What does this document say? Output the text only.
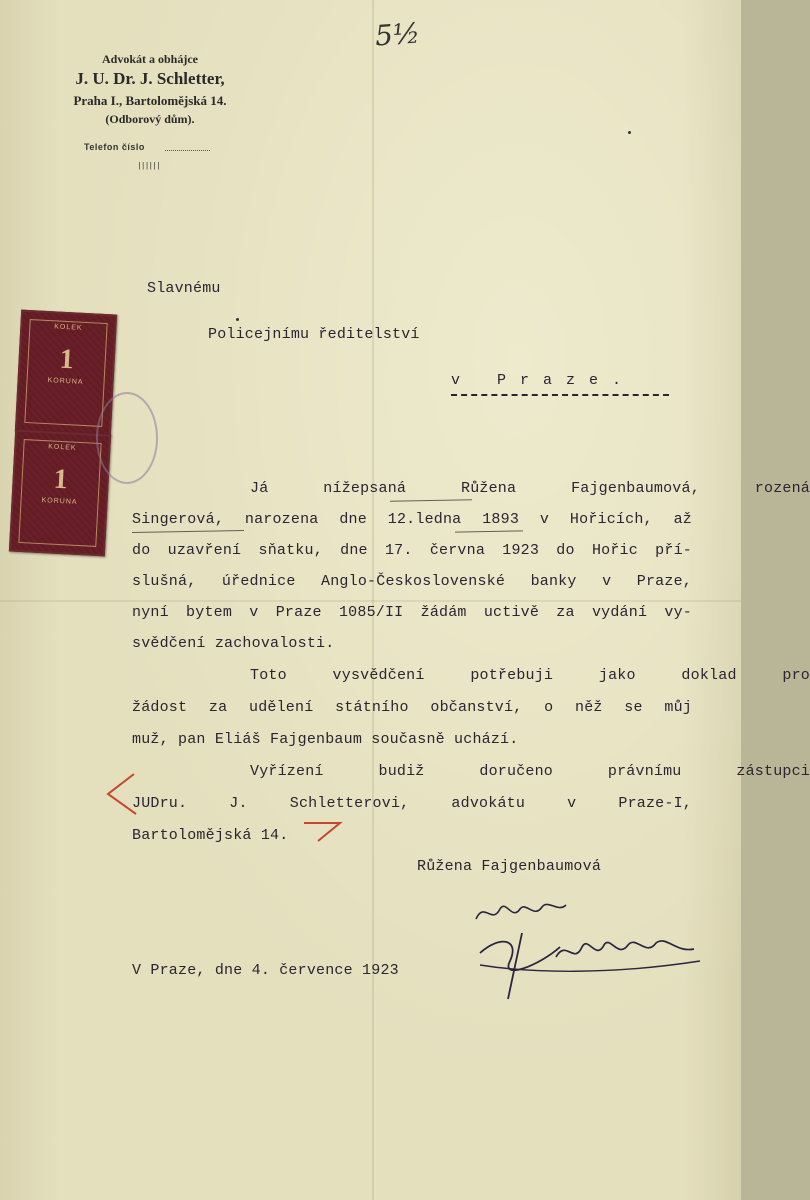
Advokát a obhájce
J. U. Dr. J. Schletter,
Praha I., Bartolomějská 14.
(Odborový dům).
Telefon číslo
||||||
5½
Slavnému
Policejnímu ředitelství
v Praze.
KOLEK
1
KORUNA
KOLEK
1
KORUNA
Já nížepsaná Růžena Fajgenbaumová, rozená
Singerová, narozena dne 12.ledna 1893 v Hořicích, až
do uzavření sňatku, dne 17. června 1923 do Hořic pří-
slušná, úřednice Anglo-Československé banky v Praze,
nyní bytem v Praze 1085/II žádám uctivě za vydání vy-
svědčení zachovalosti.
Toto vysvědčení potřebuji jako doklad pro
žádost za udělení státního občanství, o něž se můj
muž, pan Eliáš Fajgenbaum současně uchází.
Vyřízení budiž doručeno právnímu zástupci
JUDru. J. Schletterovi, advokátu v Praze-I,
Bartolomějská 14.
Růžena Fajgenbaumová
V Praze, dne 4. července 1923
